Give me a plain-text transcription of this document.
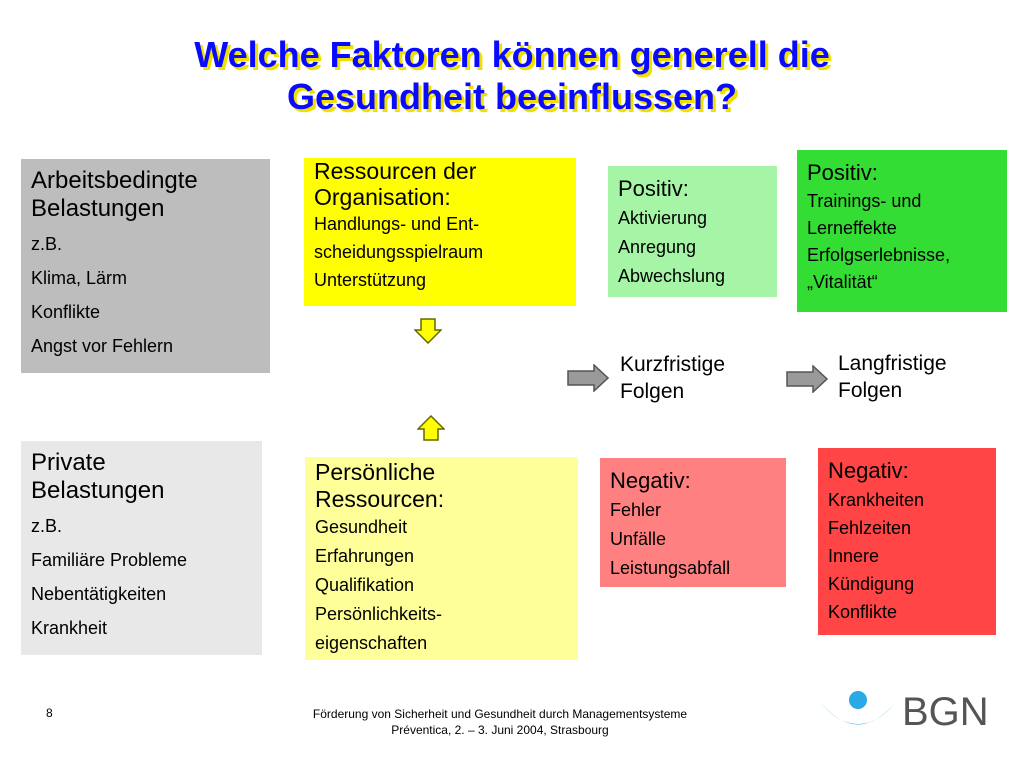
Welche Faktoren können generell die
Gesundheit beeinflussen?
Arbeitsbedingte
Belastungen
z.B.
Klima, Lärm
Konflikte
Angst vor Fehlern
Private
Belastungen
z.B.
Familiäre Probleme
Nebentätigkeiten
Krankheit
Ressourcen der
Organisation:
Handlungs- und Ent-
scheidungsspielraum
Unterstützung
Persönliche
Ressourcen:
Gesundheit
Erfahrungen
Qualifikation
Persönlichkeits-
eigenschaften
Positiv:
Aktivierung
Anregung
Abwechslung
Positiv:
Trainings- und
Lerneffekte
Erfolgserlebnisse,
„Vitalität“
Negativ:
Fehler
Unfälle
Leistungsabfall
Negativ:
Krankheiten
Fehlzeiten
Innere
Kündigung
Konflikte
Kurzfristige
Folgen
Langfristige
Folgen
8	Förderung von Sicherheit und Gesundheit durch Managementsysteme
Préventica, 2. – 3. Juni 2004, Strasbourg	BGN
